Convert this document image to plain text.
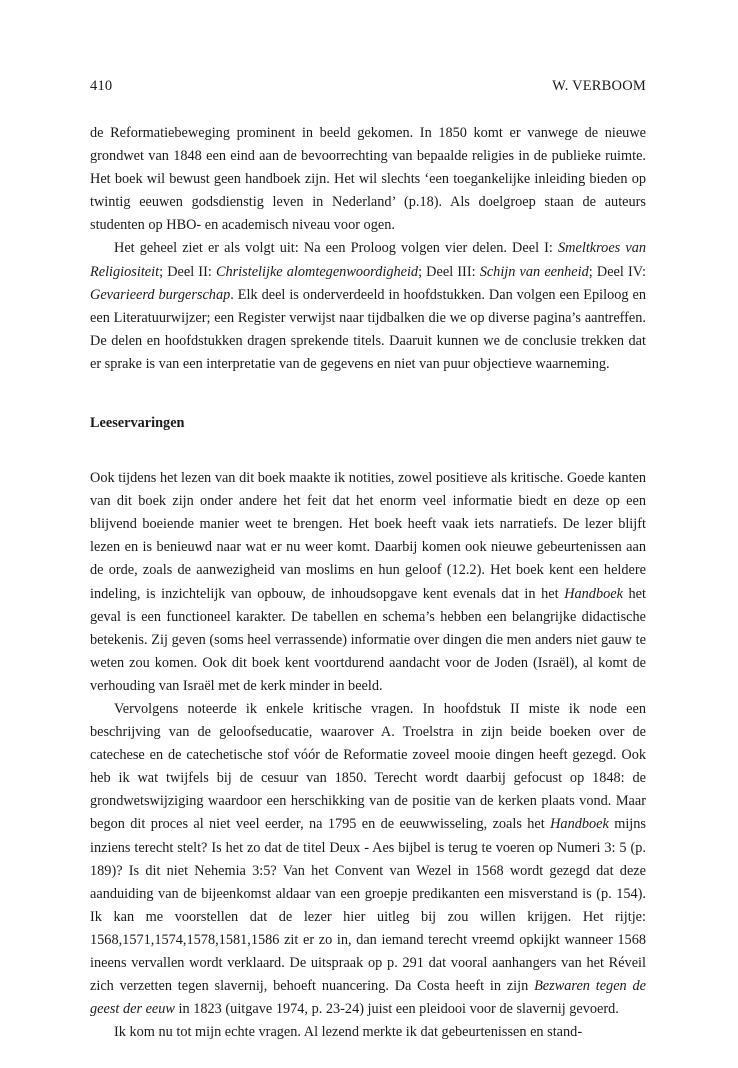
410	W. VERBOOM

de Reformatiebeweging prominent in beeld gekomen. In 1850 komt er vanwege de nieuwe grondwet van 1848 een eind aan de bevoorrechting van bepaalde religies in de publieke ruimte. Het boek wil bewust geen handboek zijn. Het wil slechts ‘een toegankelijke inleiding bieden op twintig eeuwen godsdienstig leven in Nederland’ (p.18). Als doelgroep staan de auteurs studenten op HBO- en academisch niveau voor ogen.

Het geheel ziet er als volgt uit: Na een Proloog volgen vier delen. Deel I: Smeltkroes van Religiositeit; Deel II: Christelijke alomtegenwoordigheid; Deel III: Schijn van eenheid; Deel IV: Gevarieerd burgerschap. Elk deel is onderverdeeld in hoofdstukken. Dan volgen een Epiloog en een Literatuurwijzer; een Register verwijst naar tijdbalken die we op diverse pagina’s aantreffen. De delen en hoofdstukken dragen sprekende titels. Daaruit kunnen we de conclusie trekken dat er sprake is van een interpretatie van de gegevens en niet van puur objectieve waarneming.

Leeservaringen

Ook tijdens het lezen van dit boek maakte ik notities, zowel positieve als kritische. Goede kanten van dit boek zijn onder andere het feit dat het enorm veel informatie biedt en deze op een blijvend boeiende manier weet te brengen. Het boek heeft vaak iets narratiefs. De lezer blijft lezen en is benieuwd naar wat er nu weer komt. Daarbij komen ook nieuwe gebeurtenissen aan de orde, zoals de aanwezigheid van moslims en hun geloof (12.2). Het boek kent een heldere indeling, is inzichtelijk van opbouw, de inhoudsopgave kent evenals dat in het Handboek het geval is een functioneel karakter. De tabellen en schema’s hebben een belangrijke didactische betekenis. Zij geven (soms heel verrassende) informatie over dingen die men anders niet gauw te weten zou komen. Ook dit boek kent voortdurend aandacht voor de Joden (Israël), al komt de verhouding van Israël met de kerk minder in beeld.

Vervolgens noteerde ik enkele kritische vragen. In hoofdstuk II miste ik node een beschrijving van de geloofseducatie, waarover A. Troelstra in zijn beide boeken over de catechese en de catechetische stof vóór de Reformatie zoveel mooie dingen heeft gezegd. Ook heb ik wat twijfels bij de cesuur van 1850. Terecht wordt daarbij gefocust op 1848: de grondwetswijziging waardoor een herschikking van de positie van de kerken plaats vond. Maar begon dit proces al niet veel eerder, na 1795 en de eeuwwisseling, zoals het Handboek mijns inziens terecht stelt? Is het zo dat de titel Deux - Aes bijbel is terug te voeren op Numeri 3: 5 (p. 189)? Is dit niet Nehemia 3:5? Van het Convent van Wezel in 1568 wordt gezegd dat deze aanduiding van de bijeenkomst aldaar van een groepje predikanten een misverstand is (p. 154). Ik kan me voorstellen dat de lezer hier uitleg bij zou willen krijgen. Het rijtje: 1568,1571,1574,1578,1581,1586 zit er zo in, dan iemand terecht vreemd opkijkt wanneer 1568 ineens vervallen wordt verklaard. De uitspraak op p. 291 dat vooral aanhangers van het Réveil zich verzetten tegen slavernij, behoeft nuancering. Da Costa heeft in zijn Bezwaren tegen de geest der eeuw in 1823 (uitgave 1974, p. 23-24) juist een pleidooi voor de slavernij gevoerd.

Ik kom nu tot mijn echte vragen. Al lezend merkte ik dat gebeurtenissen en stand-
